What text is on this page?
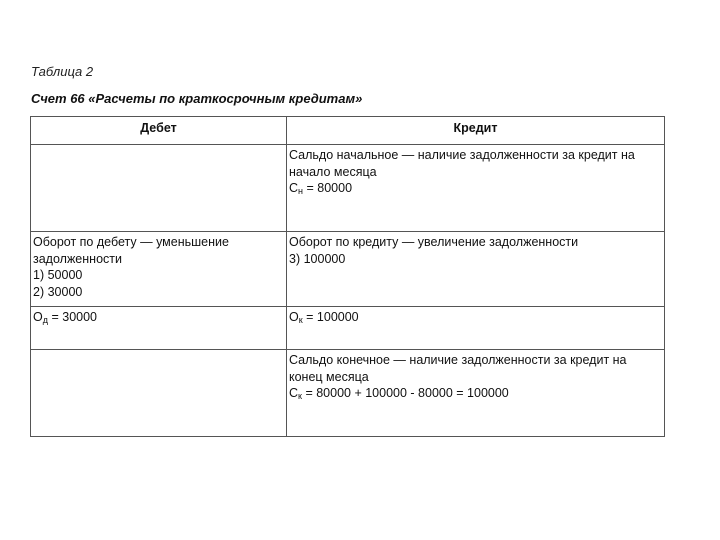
Таблица 2
Счет 66 «Расчеты по краткосрочным кредитам»
Дебет	Кредит

	Сальдо начальное — наличие задолженности за кредит на начало месяца
$С_н = 80000$

Оборот по дебету — уменьшение задолженности
1) 50000
2) 30000	Оборот по кредиту — увеличение задолженности
3) 100000

$О_д = 30000$	$О_к = 100000$

	Сальдо конечное — наличие задолженности за кредит на конец месяца
$С_к = 80000 + 100000 - 80000 = 100000$
